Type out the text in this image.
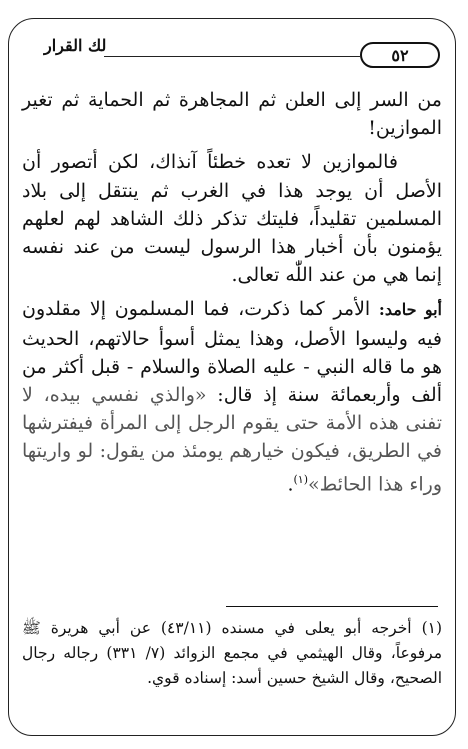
لك القرار	٥٢

من السر إلى العلن ثم المجاهرة ثم الحماية ثم تغير الموازين!

فالموازين لا تعده خطئاً آنذاك، لكن أتصور أن الأصل أن يوجد هذا في الغرب ثم ينتقل إلى بلاد المسلمين تقليداً، فليتك تذكر ذلك الشاهد لهم لعلهم يؤمنون بأن أخبار هذا الرسول ليست من عند نفسه إنما هي من عند اللّٰه تعالى.

أبو حامد: الأمر كما ذكرت، فما المسلمون إلا مقلدون فيه وليسوا الأصل، وهذا يمثل أسوأ حالاتهم، الحديث هو ما قاله النبي - عليه الصلاة والسلام - قبل أكثر من ألف وأربعمائة سنة إذ قال: «والذي نفسي بيده، لا تفنى هذه الأمة حتى يقوم الرجل إلى المرأة فيفترشها في الطريق، فيكون خيارهم يومئذ من يقول: لو واريتها وراء هذا الحائط»$^{(١)}$.

(١) أخرجه أبو يعلى في مسنده (٤٣/١١) عن أبي هريرة ﷺ مرفوعاً، وقال الهيثمي في مجمع الزوائد (٧/ ٣٣١) رجاله رجال الصحيح، وقال الشيخ حسين أسد: إسناده قوي.
